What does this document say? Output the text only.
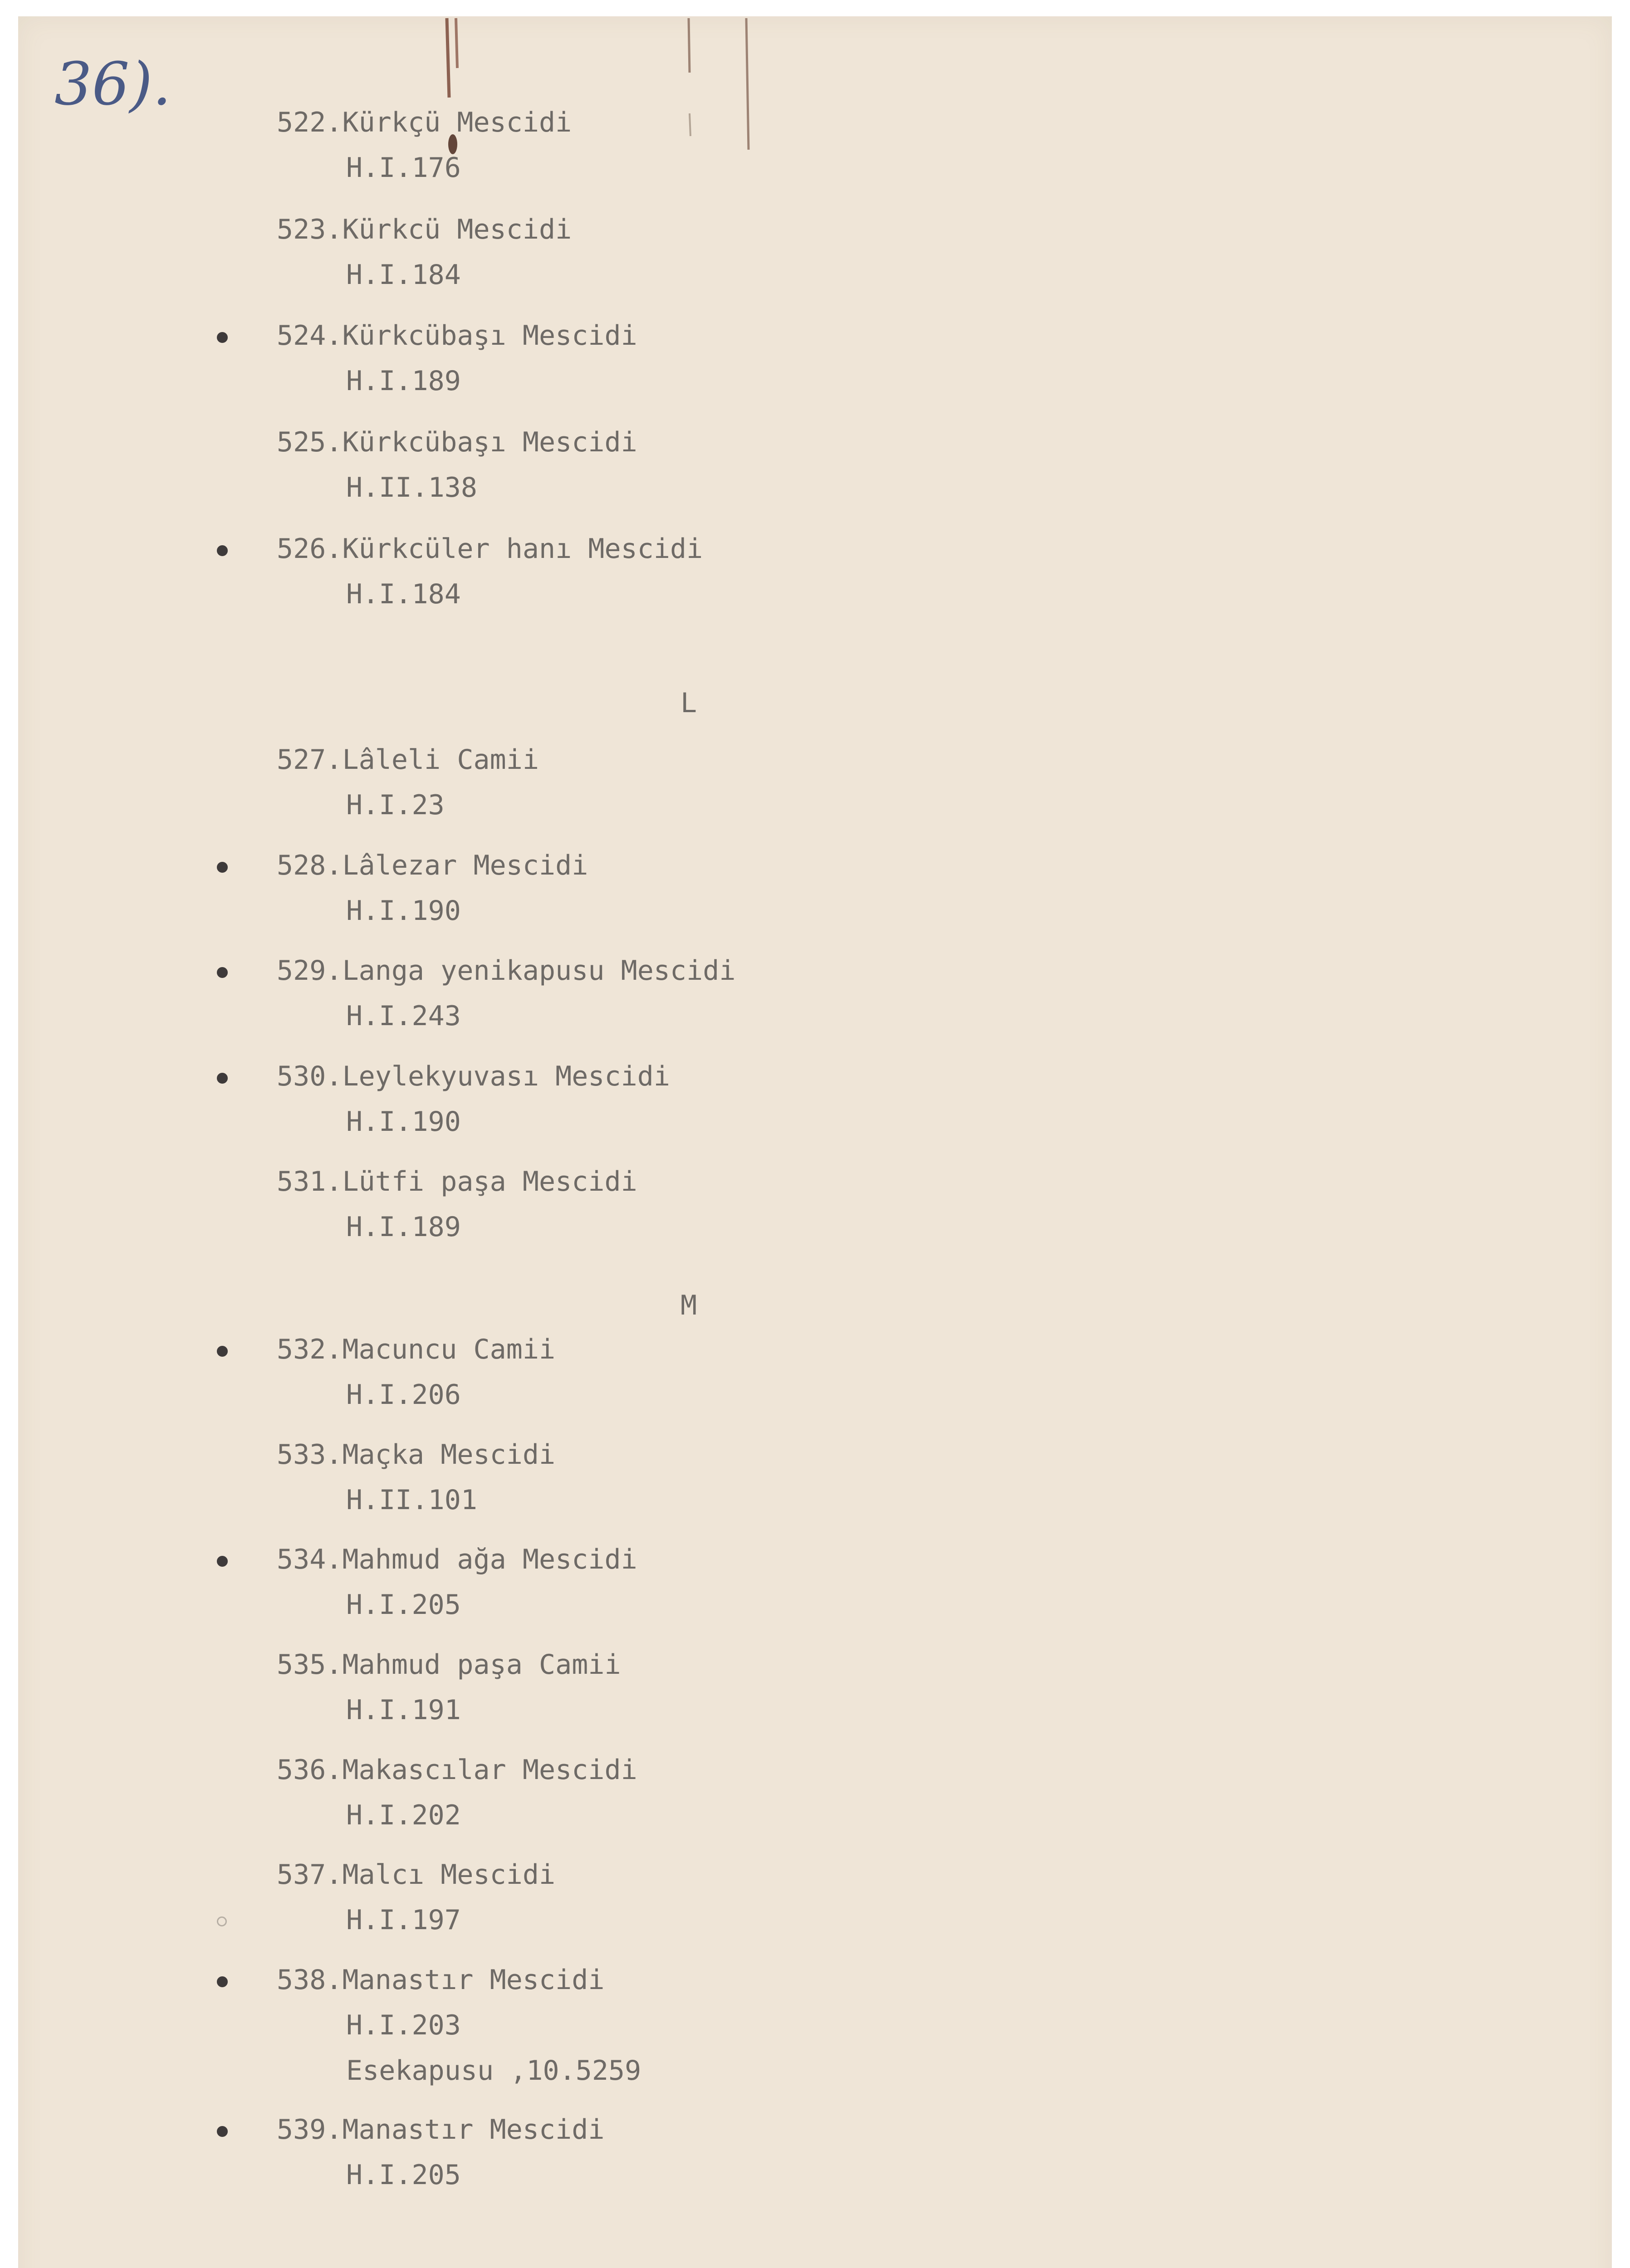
36).
522.Kürkçü Mescidi
H.I.176
523.Kürkcü Mescidi
H.I.184
524.Kürkcübaşı Mescidi
H.I.189
525.Kürkcübaşı Mescidi
H.II.138
526.Kürkcüler hanı Mescidi
H.I.184
L
527.Lâleli Camii
H.I.23
528.Lâlezar Mescidi
H.I.190
529.Langa yenikapusu Mescidi
H.I.243
530.Leylekyuvası Mescidi
H.I.190
531.Lütfi paşa Mescidi
H.I.189
M
532.Macuncu Camii
H.I.206
533.Maçka Mescidi
H.II.101
534.Mahmud ağa Mescidi
H.I.205
535.Mahmud paşa Camii
H.I.191
536.Makascılar Mescidi
H.I.202
537.Malcı Mescidi
H.I.197
538.Manastır Mescidi
H.I.203
Esekapusu ,10.5259
539.Manastır Mescidi
H.I.205
